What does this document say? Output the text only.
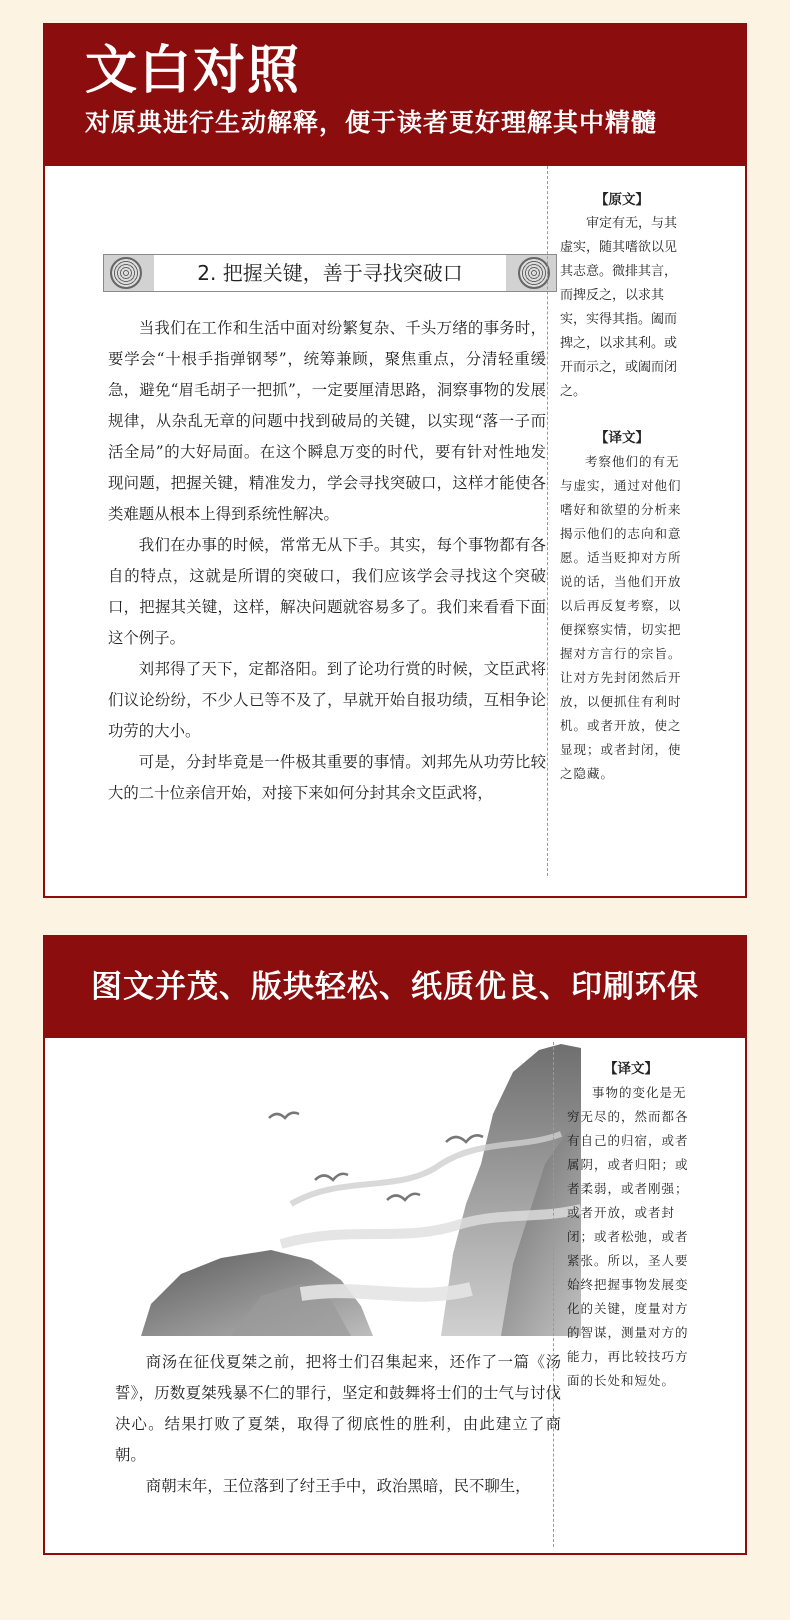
文白对照
对原典进行生动解释，便于读者更好理解其中精髓
2. 把握关键，善于寻找突破口

当我们在工作和生活中面对纷繁复杂、千头万绪的事务时，要学会“十根手指弹钢琴”，统筹兼顾，聚焦重点，分清轻重缓急，避免“眉毛胡子一把抓”，一定要厘清思路，洞察事物的发展规律，从杂乱无章的问题中找到破局的关键，以实现“落一子而活全局”的大好局面。在这个瞬息万变的时代，要有针对性地发现问题，把握关键，精准发力，学会寻找突破口，这样才能使各类难题从根本上得到系统性解决。

我们在办事的时候，常常无从下手。其实，每个事物都有各自的特点，这就是所谓的突破口，我们应该学会寻找这个突破口，把握其关键，这样，解决问题就容易多了。我们来看看下面这个例子。

刘邦得了天下，定都洛阳。到了论功行赏的时候，文臣武将们议论纷纷，不少人已等不及了，早就开始自报功绩，互相争论功劳的大小。

可是，分封毕竟是一件极其重要的事情。刘邦先从功劳比较大的二十位亲信开始，对接下来如何分封其余文臣武将，

【原文】

审定有无，与其虚实，随其嗜欲以见其志意。微排其言，而捭反之，以求其实，实得其指。阖而捭之，以求其利。或开而示之，或阖而闭之。

【译文】

考察他们的有无与虚实，通过对他们嗜好和欲望的分析来揭示他们的志向和意愿。适当贬抑对方所说的话，当他们开放以后再反复考察，以便探察实情，切实把握对方言行的宗旨。让对方先封闭然后开放，以便抓住有利时机。或者开放，使之显现；或者封闭，使之隐藏。

图文并茂、版块轻松、纸质优良、印刷环保

商汤在征伐夏桀之前，把将士们召集起来，还作了一篇《汤誓》，历数夏桀残暴不仁的罪行，坚定和鼓舞将士们的士气与讨伐决心。结果打败了夏桀，取得了彻底性的胜利，由此建立了商朝。

商朝末年，王位落到了纣王手中，政治黑暗，民不聊生，

【译文】

事物的变化是无穷无尽的，然而都各有自己的归宿，或者属阴，或者归阳；或者柔弱，或者刚强；或者开放，或者封闭；或者松弛，或者紧张。所以，圣人要始终把握事物发展变化的关键，度量对方的智谋，测量对方的能力，再比较技巧方面的长处和短处。
